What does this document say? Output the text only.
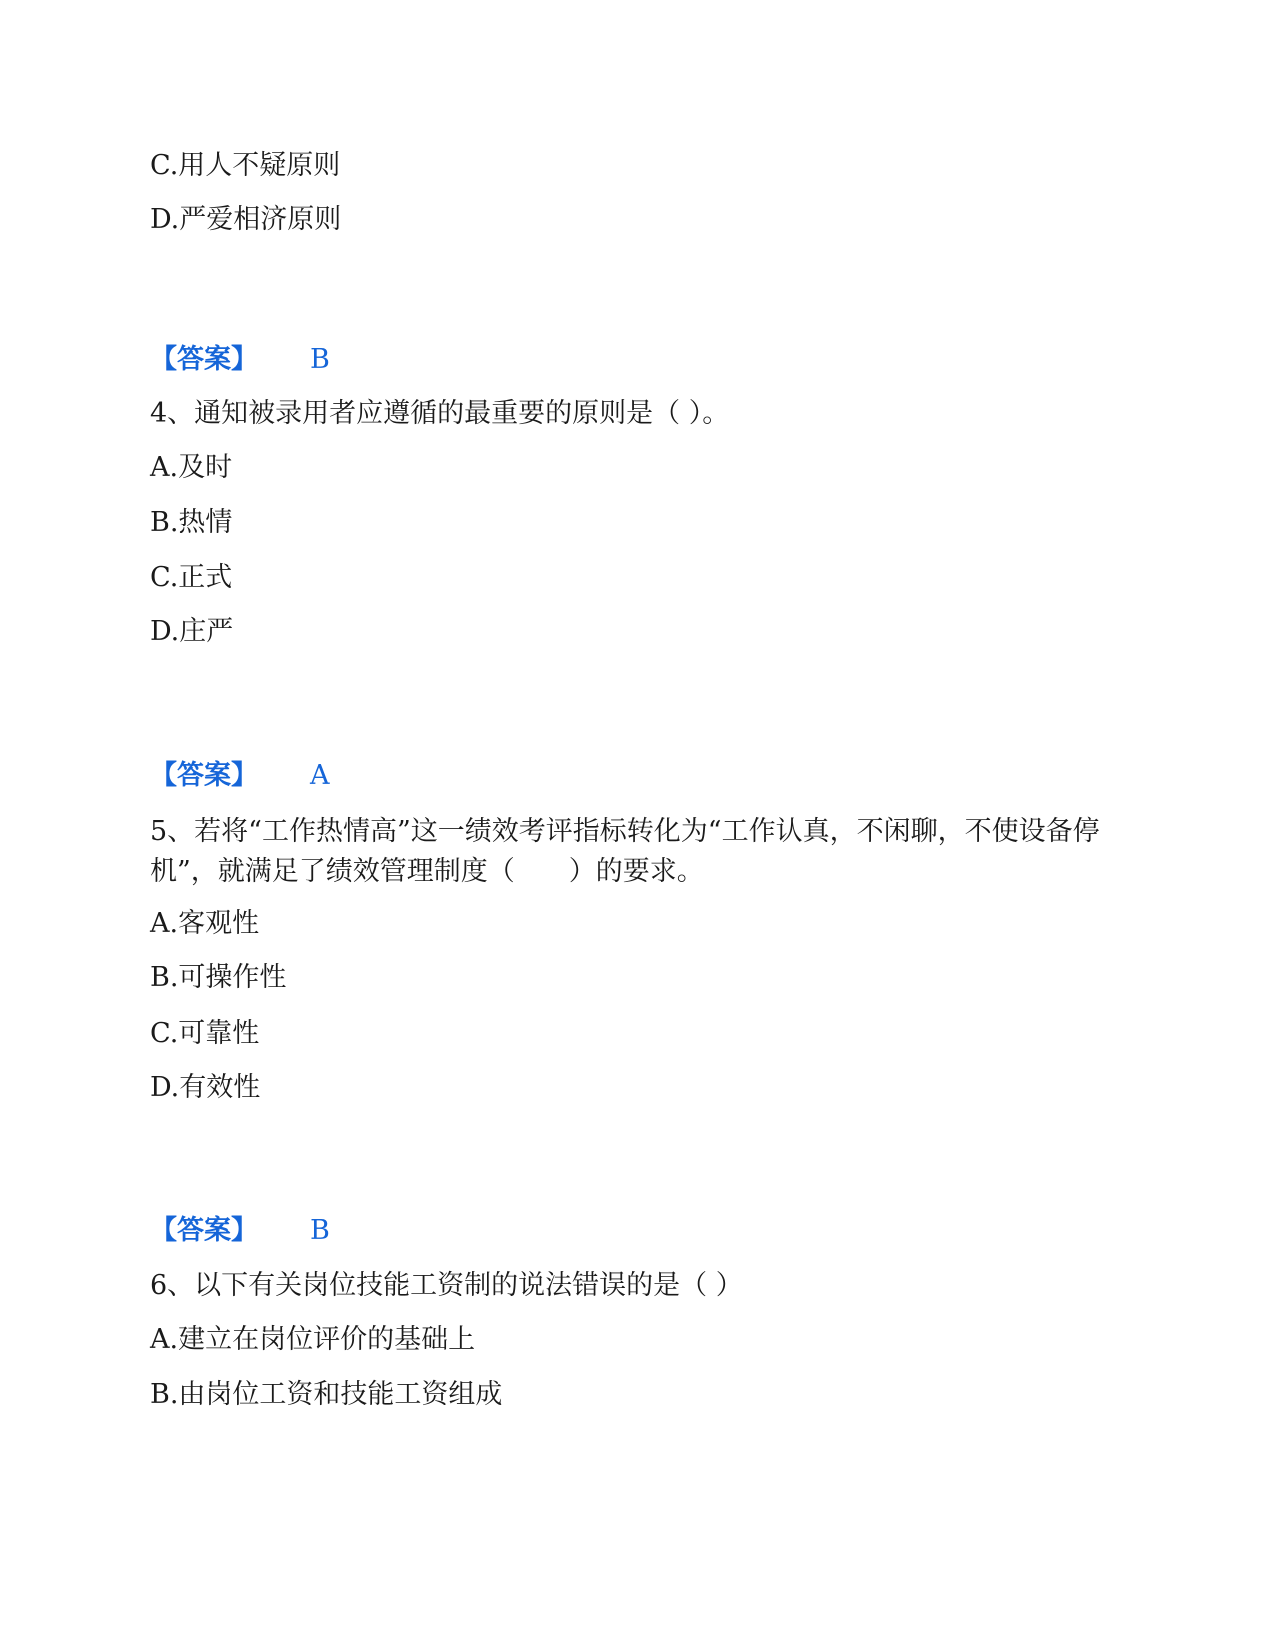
C.用人不疑原则
D.严爱相济原则
【答案】 B
4、通知被录用者应遵循的最重要的原则是（ ）。
A.及时
B.热情
C.正式
D.庄严
【答案】 A
5、若将“工作热情高”这一绩效考评指标转化为“工作认真，不闲聊，不使设备停机”，就满足了绩效管理制度（　　）的要求。
A.客观性
B.可操作性
C.可靠性
D.有效性
【答案】 B
6、以下有关岗位技能工资制的说法错误的是（ ）
A.建立在岗位评价的基础上
B.由岗位工资和技能工资组成
